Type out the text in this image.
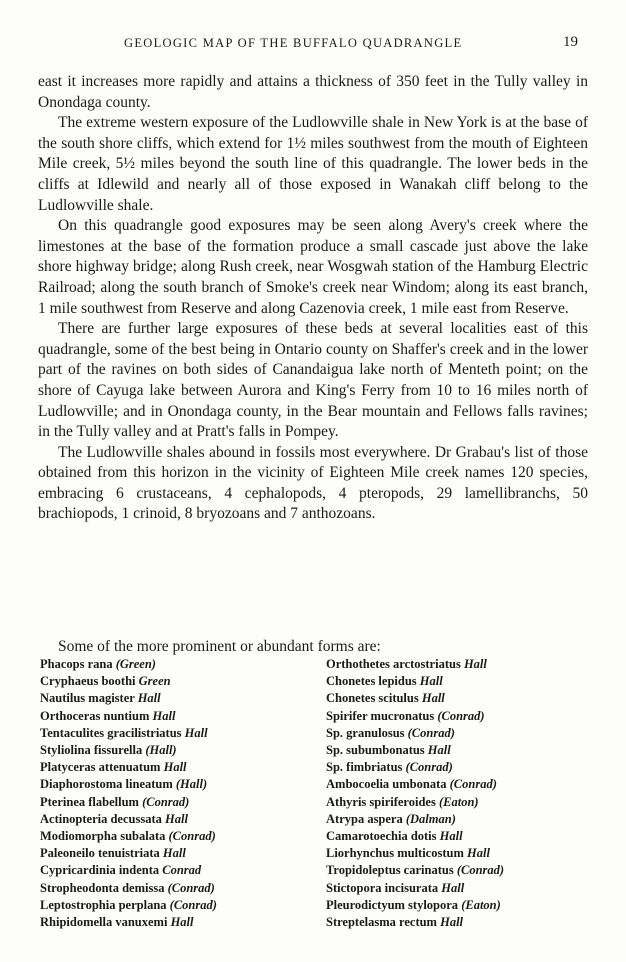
GEOLOGIC MAP OF THE BUFFALO QUADRANGLE	19

east it increases more rapidly and attains a thickness of 350 feet in the Tully valley in Onondaga county.

The extreme western exposure of the Ludlowville shale in New York is at the base of the south shore cliffs, which extend for 1½ miles southwest from the mouth of Eighteen Mile creek, 5½ miles beyond the south line of this quadrangle. The lower beds in the cliffs at Idlewild and nearly all of those exposed in Wanakah cliff belong to the Ludlowville shale.

On this quadrangle good exposures may be seen along Avery's creek where the limestones at the base of the formation produce a small cascade just above the lake shore highway bridge; along Rush creek, near Wosgwah station of the Hamburg Electric Railroad; along the south branch of Smoke's creek near Windom; along its east branch, 1 mile southwest from Reserve and along Cazenovia creek, 1 mile east from Reserve.

There are further large exposures of these beds at several localities east of this quadrangle, some of the best being in Ontario county on Shaffer's creek and in the lower part of the ravines on both sides of Canandaigua lake north of Menteth point; on the shore of Cayuga lake between Aurora and King's Ferry from 10 to 16 miles north of Ludlowville; and in Onondaga county, in the Bear mountain and Fellows falls ravines; in the Tully valley and at Pratt's falls in Pompey.

The Ludlowville shales abound in fossils most everywhere. Dr Grabau's list of those obtained from this horizon in the vicinity of Eighteen Mile creek names 120 species, embracing 6 crustaceans, 4 cephalopods, 4 pteropods, 29 lamellibranchs, 50 brachiopods, 1 crinoid, 8 bryozoans and 7 anthozoans.

Some of the more prominent or abundant forms are:
Phacops rana (Green)
Cryphaeus boothi Green
Nautilus magister Hall
Orthoceras nuntium Hall
Tentaculites gracilistriatus Hall
Styliolina fissurella (Hall)
Platyceras attenuatum Hall
Diaphorostoma lineatum (Hall)
Pterinea flabellum (Conrad)
Actinopteria decussata Hall
Modiomorpha subalata (Conrad)
Paleoneilo tenuistriata Hall
Cypricardinia indenta Conrad
Stropheodonta demissa (Conrad)
Leptostrophia perplana (Conrad)
Rhipidomella vanuxemi Hall
Orthothetes arctostriatus Hall
Chonetes lepidus Hall
Chonetes scitulus Hall
Spirifer mucronatus (Conrad)
Sp. granulosus (Conrad)
Sp. subumbonatus Hall
Sp. fimbriatus (Conrad)
Ambocoelia umbonata (Conrad)
Athyris spiriferoides (Eaton)
Atrypa aspera (Dalman)
Camarotoechia dotis Hall
Liorhynchus multicostum Hall
Tropidoleptus carinatus (Conrad)
Stictopora incisurata Hall
Pleurodictyum stylopora (Eaton)
Streptelasma rectum Hall
